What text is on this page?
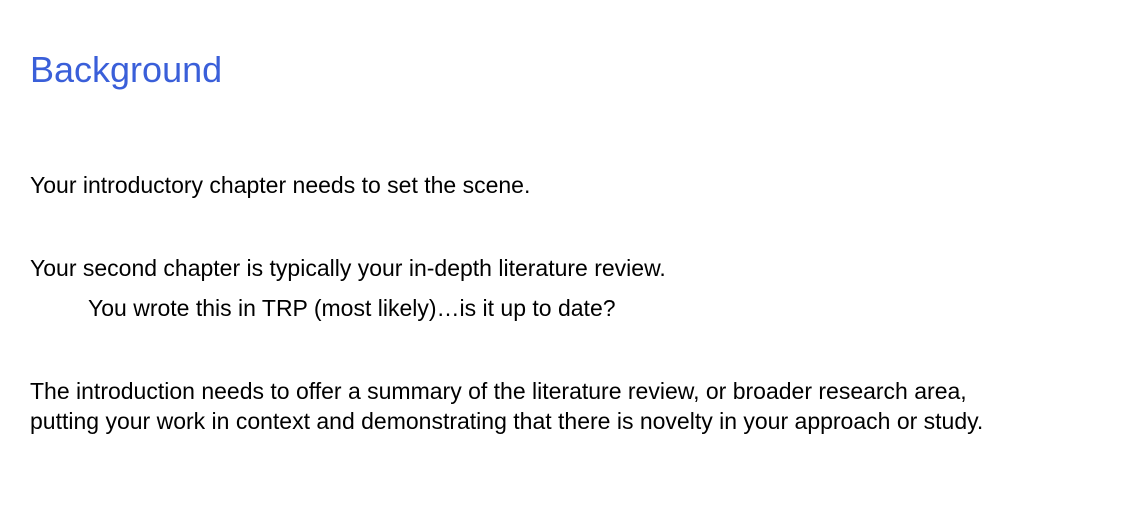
Background

Your introductory chapter needs to set the scene.

Your second chapter is typically your in-depth literature review.

You wrote this in TRP (most likely)…is it up to date?

The introduction needs to offer a summary of the literature review, or broader research area,

putting your work in context and demonstrating that there is novelty in your approach or study.
